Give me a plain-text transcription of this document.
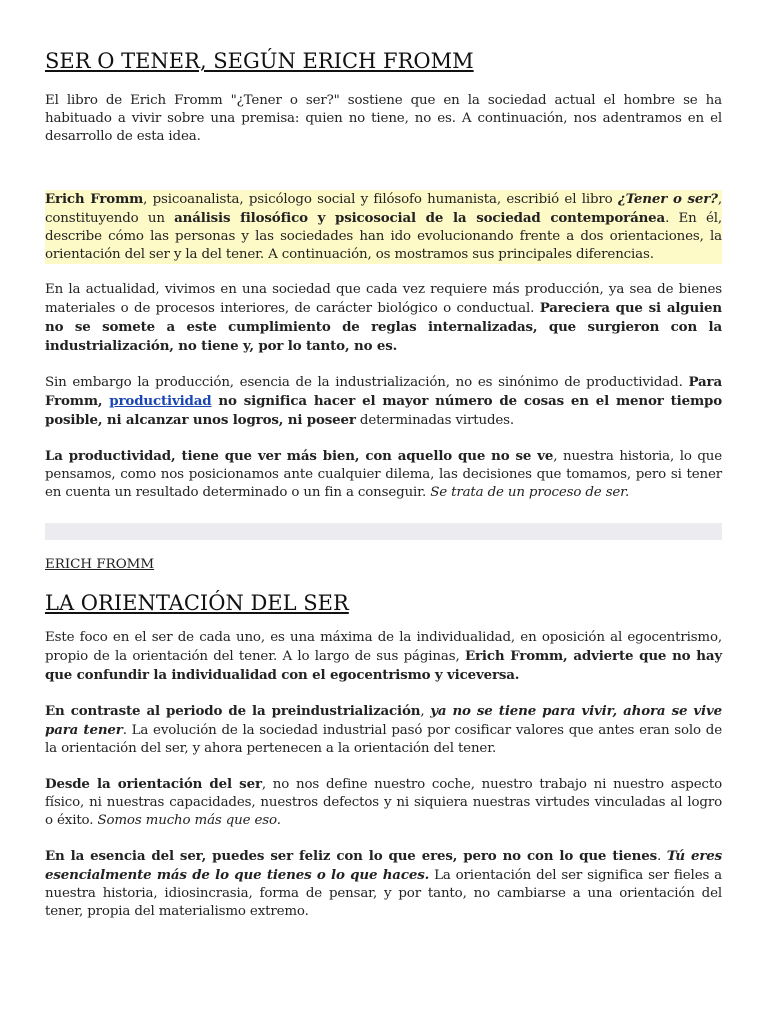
SER O TENER, SEGÚN ERICH FROMM

El libro de Erich Fromm "¿Tener o ser?" sostiene que en la sociedad actual el hombre se ha habituado a vivir sobre una premisa: quien no tiene, no es. A continuación, nos adentramos en el desarrollo de esta idea.

Erich Fromm, psicoanalista, psicólogo social y filósofo humanista, escribió el libro ¿Tener o ser?, constituyendo un análisis filosófico y psicosocial de la sociedad contemporánea. En él, describe cómo las personas y las sociedades han ido evolucionando frente a dos orientaciones, la orientación del ser y la del tener. A continuación, os mostramos sus principales diferencias.

En la actualidad, vivimos en una sociedad que cada vez requiere más producción, ya sea de bienes materiales o de procesos interiores, de carácter biológico o conductual. Pareciera que si alguien no se somete a este cumplimiento de reglas internalizadas, que surgieron con la industrialización, no tiene y, por lo tanto, no es.

Sin embargo la producción, esencia de la industrialización, no es sinónimo de productividad. Para Fromm, productividad no significa hacer el mayor número de cosas en el menor tiempo posible, ni alcanzar unos logros, ni poseer determinadas virtudes.

La productividad, tiene que ver más bien, con aquello que no se ve, nuestra historia, lo que pensamos, como nos posicionamos ante cualquier dilema, las decisiones que tomamos, pero si tener en cuenta un resultado determinado o un fin a conseguir. Se trata de un proceso de ser.

ERICH FROMM
LA ORIENTACIÓN DEL SER

Este foco en el ser de cada uno, es una máxima de la individualidad, en oposición al egocentrismo, propio de la orientación del tener. A lo largo de sus páginas, Erich Fromm, advierte que no hay que confundir la individualidad con el egocentrismo y viceversa.

En contraste al periodo de la preindustrialización, ya no se tiene para vivir, ahora se vive para tener. La evolución de la sociedad industrial pasó por cosificar valores que antes eran solo de la orientación del ser, y ahora pertenecen a la orientación del tener.

Desde la orientación del ser, no nos define nuestro coche, nuestro trabajo ni nuestro aspecto físico, ni nuestras capacidades, nuestros defectos y ni siquiera nuestras virtudes vinculadas al logro o éxito. Somos mucho más que eso.

En la esencia del ser, puedes ser feliz con lo que eres, pero no con lo que tienes. Tú eres esencialmente más de lo que tienes o lo que haces. La orientación del ser significa ser fieles a nuestra historia, idiosincrasia, forma de pensar, y por tanto, no cambiarse a una orientación del tener, propia del materialismo extremo.
